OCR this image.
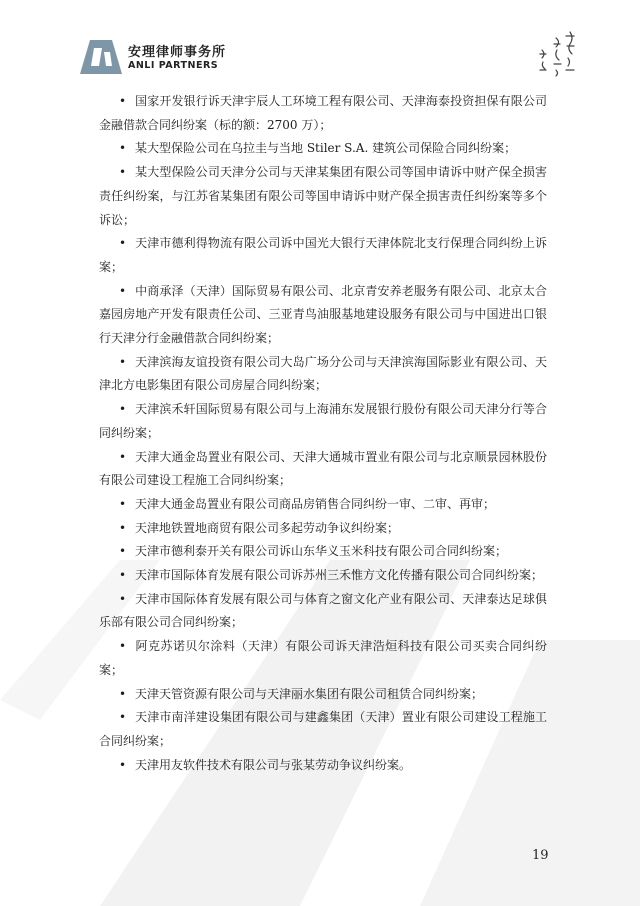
安理律师事务所
ANLI PARTNERS

• 国家开发银行诉天津宇辰人工环境工程有限公司、天津海泰投资担保有限公司金融借款合同纠纷案（标的额：2700 万）；

• 某大型保险公司在乌拉圭与当地 Stiler S.A. 建筑公司保险合同纠纷案；

• 某大型保险公司天津分公司与天津某集团有限公司等国申请诉中财产保全损害责任纠纷案，与江苏省某集团有限公司等国申请诉中财产保全损害责任纠纷案等多个诉讼；

• 天津市德利得物流有限公司诉中国光大银行天津体院北支行保理合同纠纷上诉案；

• 中商承泽（天津）国际贸易有限公司、北京青安养老服务有限公司、北京太合嘉园房地产开发有限责任公司、三亚青鸟油服基地建设服务有限公司与中国进出口银行天津分行金融借款合同纠纷案；

• 天津滨海友谊投资有限公司大岛广场分公司与天津滨海国际影业有限公司、天津北方电影集团有限公司房屋合同纠纷案；

• 天津滨禾轩国际贸易有限公司与上海浦东发展银行股份有限公司天津分行等合同纠纷案；

• 天津大通金岛置业有限公司、天津大通城市置业有限公司与北京顺景园林股份有限公司建设工程施工合同纠纷案；

• 天津大通金岛置业有限公司商品房销售合同纠纷一审、二审、再审；

• 天津地铁置地商贸有限公司多起劳动争议纠纷案；

• 天津市德利泰开关有限公司诉山东华义玉米科技有限公司合同纠纷案；

• 天津市国际体育发展有限公司诉苏州三禾惟方文化传播有限公司合同纠纷案；

• 天津市国际体育发展有限公司与体育之窗文化产业有限公司、天津泰达足球俱乐部有限公司合同纠纷案；

• 阿克苏诺贝尔涂料（天津）有限公司诉天津浩烜科技有限公司买卖合同纠纷案；

• 天津天管资源有限公司与天津丽水集团有限公司租赁合同纠纷案；

• 天津市南洋建设集团有限公司与建鑫集团（天津）置业有限公司建设工程施工合同纠纷案；

• 天津用友软件技术有限公司与张某劳动争议纠纷案。

19
